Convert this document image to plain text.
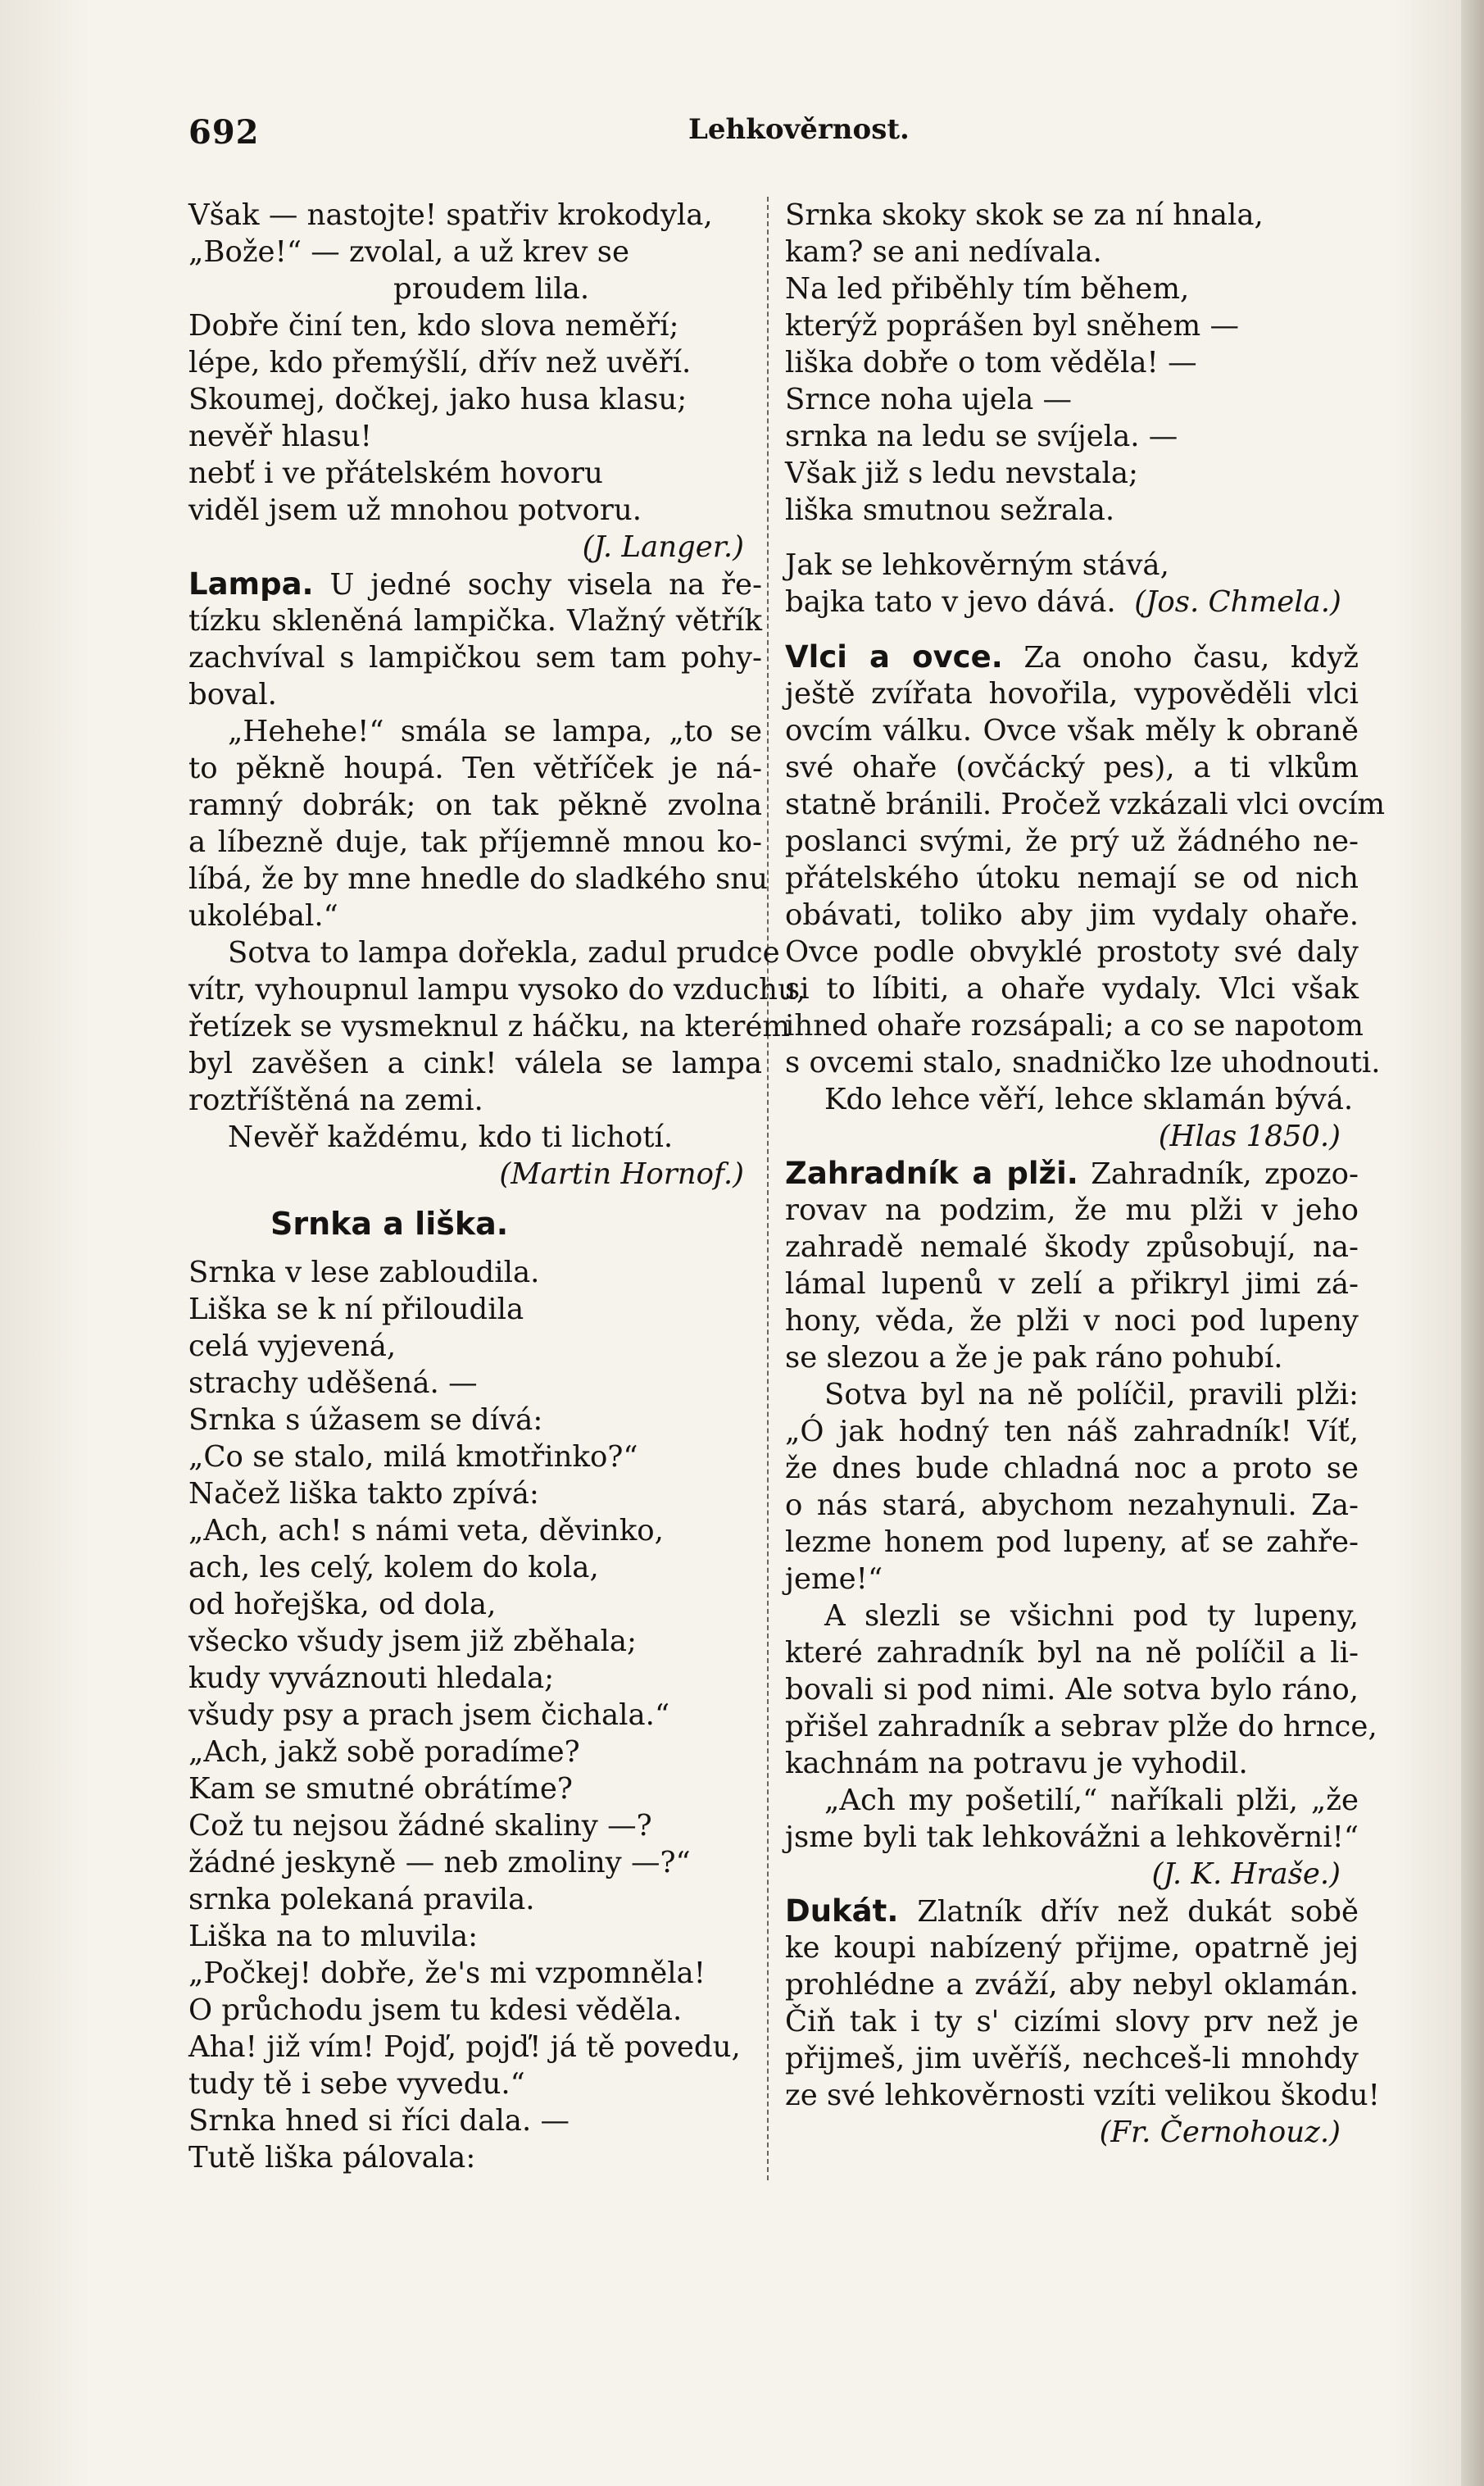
692	Lehkověrnost.
Však — nastojte! spatřiv krokodyla,
„Bože!“ — zvolal, a už krev se
proudem lila.
Dobře činí ten, kdo slova neměří;
lépe, kdo přemýšlí, dřív než uvěří.
Skoumej, dočkej, jako husa klasu;
nevěř hlasu!
nebť i ve přátelském hovoru
viděl jsem už mnohou potvoru.
(J. Langer.)
Lampa. U jedné sochy visela na ře-
tízku skleněná lampička. Vlažný větřík
zachvíval s lampičkou sem tam pohy-
boval.
„Hehehe!“ smála se lampa, „to se
to pěkně houpá. Ten větříček je ná-
ramný dobrák; on tak pěkně zvolna
a líbezně duje, tak příjemně mnou ko-
líbá, že by mne hnedle do sladkého snu
ukolébal.“
Sotva to lampa dořekla, zadul prudce
vítr, vyhoupnul lampu vysoko do vzduchu,
řetízek se vysmeknul z háčku, na kterém
byl zavěšen a cink! válela se lampa
roztříštěná na zemi.
Nevěř každému, kdo ti lichotí.
(Martin Hornof.)
Srnka a liška.
Srnka v lese zabloudila.
Liška se k ní přiloudila
celá vyjevená,
strachy uděšená. —
Srnka s úžasem se dívá:
„Co se stalo, milá kmotřinko?“
Načež liška takto zpívá:
„Ach, ach! s námi veta, děvinko,
ach, les celý, kolem do kola,
od hořejška, od dola,
všecko všudy jsem již zběhala;
kudy vyváznouti hledala;
všudy psy a prach jsem čichala.“
„Ach, jakž sobě poradíme?
Kam se smutné obrátíme?
Což tu nejsou žádné skaliny —?
žádné jeskyně — neb zmoliny —?“
srnka polekaná pravila.
Liška na to mluvila:
„Počkej! dobře, že's mi vzpomněla!
O průchodu jsem tu kdesi věděla.
Aha! již vím! Pojď, pojď! já tě povedu,
tudy tě i sebe vyvedu.“
Srnka hned si říci dala. —
Tutě liška pálovala:
Srnka skoky skok se za ní hnala,
kam? se ani nedívala.
Na led přiběhly tím během,
kterýž poprášen byl sněhem —
liška dobře o tom věděla! —
Srnce noha ujela —
srnka na ledu se svíjela. —
Však již s ledu nevstala;
liška smutnou sežrala.
Jak se lehkověrným stává,
bajka tato v jevo dává. (Jos. Chmela.)
Vlci a ovce. Za onoho času, když
ještě zvířata hovořila, vypověděli vlci
ovcím válku. Ovce však měly k obraně
své ohaře (ovčácký pes), a ti vlkům
statně bránili. Pročež vzkázali vlci ovcím
poslanci svými, že prý už žádného ne-
přátelského útoku nemají se od nich
obávati, toliko aby jim vydaly ohaře.
Ovce podle obvyklé prostoty své daly
si to líbiti, a ohaře vydaly. Vlci však
ihned ohaře rozsápali; a co se napotom
s ovcemi stalo, snadničko lze uhodnouti.
Kdo lehce věří, lehce sklamán bývá.
(Hlas 1850.)
Zahradník a plži. Zahradník, zpozo-
rovav na podzim, že mu plži v jeho
zahradě nemalé škody způsobují, na-
lámal lupenů v zelí a přikryl jimi zá-
hony, věda, že plži v noci pod lupeny
se slezou a že je pak ráno pohubí.
Sotva byl na ně políčil, pravili plži:
„Ó jak hodný ten náš zahradník! Víť,
že dnes bude chladná noc a proto se
o nás stará, abychom nezahynuli. Za-
lezme honem pod lupeny, ať se zahře-
jeme!“
A slezli se všichni pod ty lupeny,
které zahradník byl na ně políčil a li-
bovali si pod nimi. Ale sotva bylo ráno,
přišel zahradník a sebrav plže do hrnce,
kachnám na potravu je vyhodil.
„Ach my pošetilí,“ naříkali plži, „že
jsme byli tak lehkovážni a lehkověrni!“
(J. K. Hraše.)
Dukát. Zlatník dřív než dukát sobě
ke koupi nabízený přijme, opatrně jej
prohlédne a zváží, aby nebyl oklamán.
Čiň tak i ty s' cizími slovy prv než je
přijmeš, jim uvěříš, nechceš-li mnohdy
ze své lehkověrnosti vzíti velikou škodu!
(Fr. Černohouz.)
